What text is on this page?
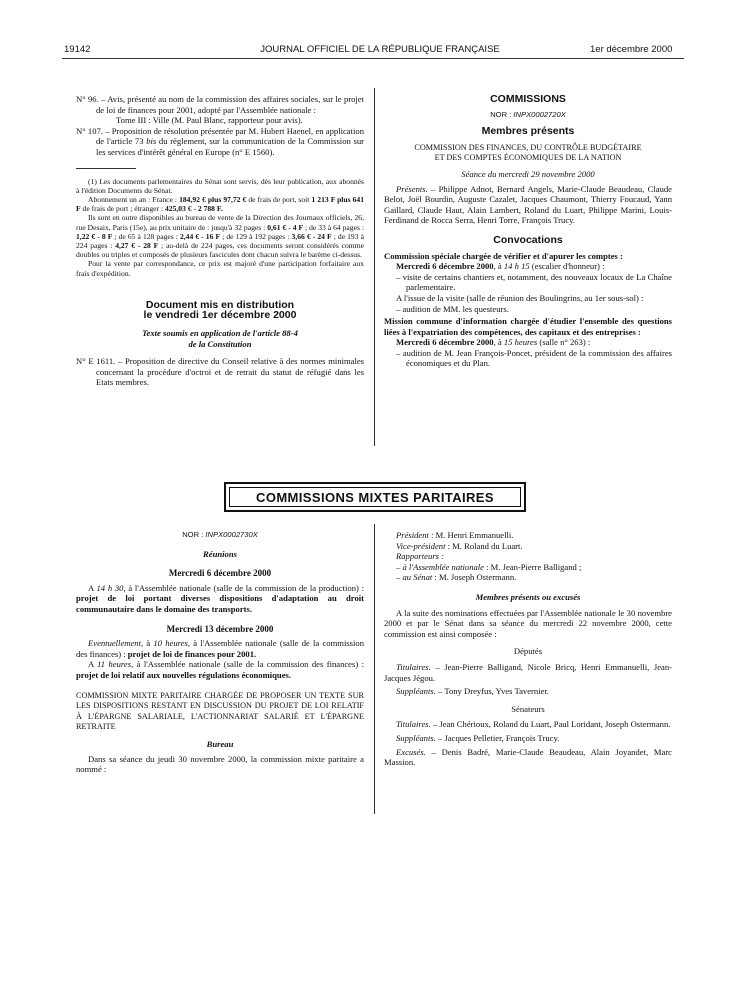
19142	JOURNAL OFFICIEL DE LA RÉPUBLIQUE FRANÇAISE	1er décembre 2000

N° 96. – Avis, présenté au nom de la commission des affaires sociales, sur le projet de loi de finances pour 2001, adopté par l'Assemblée nationale :

Tome III : Ville (M. Paul Blanc, rapporteur pour avis).

N° 107. – Proposition de résolution présentée par M. Hubert Haenel, en application de l'article 73 bis du règlement, sur la communication de la Commission sur les services d'intérêt général en Europe (n° E 1560).

(1) Les documents parlementaires du Sénat sont servis, dès leur publication, aux abonnés à l'édition Documents du Sénat.

Abonnement un an : France : 184,92 € plus 97,72 € de frais de port, soit 1 213 F plus 641 F de frais de port ; étranger : 425,03 € - 2 788 F.

Ils sont en outre disponibles au bureau de vente de la Direction des Journaux officiels, 26, rue Desaix, Paris (15e), au prix unitaire de : jusqu'à 32 pages : 0,61 € - 4 F ; de 33 à 64 pages : 1,22 € - 8 F ; de 65 à 128 pages : 2,44 € - 16 F ; de 129 à 192 pages : 3,66 € - 24 F ; de 193 à 224 pages : 4,27 € - 28 F ; au-delà de 224 pages, ces documents seront considérés comme doubles ou triples et composés de plusieurs fascicules dont chacun suivra le barème ci-dessus.

Pour la vente par correspondance, ce prix est majoré d'une participation forfaitaire aux frais d'expédition.

Document mis en distribution
le vendredi 1er décembre 2000

Texte soumis en application de l'article 88-4
de la Constitution

N° E 1611. – Proposition de directive du Conseil relative à des normes minimales concernant la procédure d'octroi et de retrait du statut de réfugié dans les Etats membres.

COMMISSIONS

NOR : INPX0002720X

Membres présents

COMMISSION DES FINANCES, DU CONTRÔLE BUDGÉTAIRE
ET DES COMPTES ÉCONOMIQUES DE LA NATION

Séance du mercredi 29 novembre 2000

Présents. – Philippe Adnot, Bernard Angels, Marie-Claude Beaudeau, Claude Belot, Joël Bourdin, Auguste Cazalet, Jacques Chaumont, Thierry Foucaud, Yann Gaillard, Claude Haut, Alain Lambert, Roland du Luart, Philippe Marini, Louis-Ferdinand de Rocca Serra, Henri Torre, François Trucy.

Convocations

Commission spéciale chargée de vérifier et d'apurer les comptes :

Mercredi 6 décembre 2000, à 14 h 15 (escalier d'honneur) :

– visite de certains chantiers et, notamment, des nouveaux locaux de La Chaîne parlementaire.

A l'issue de la visite (salle de réunion des Boulingrins, au 1er sous-sol) :

– audition de MM. les questeurs.

Mission commune d'information chargée d'étudier l'ensemble des questions liées à l'expatriation des compétences, des capitaux et des entreprises :

Mercredi 6 décembre 2000, à 15 heures (salle n° 263) :

– audition de M. Jean François-Poncet, président de la commission des affaires économiques et du Plan.

COMMISSIONS MIXTES PARITAIRES

NOR : INPX0002730X

Réunions

Mercredi 6 décembre 2000

A 14 h 30, à l'Assemblée nationale (salle de la commission de la production) : projet de loi portant diverses dispositions d'adaptation au droit communautaire dans le domaine des transports.

Mercredi 13 décembre 2000

Eventuellement, à 10 heures, à l'Assemblée nationale (salle de la commission des finances) : projet de loi de finances pour 2001.

A 11 heures, à l'Assemblée nationale (salle de la commission des finances) : projet de loi relatif aux nouvelles régulations économiques.

COMMISSION MIXTE PARITAIRE CHARGÉE DE PROPOSER UN TEXTE SUR LES DISPOSITIONS RESTANT EN DISCUSSION DU PROJET DE LOI RELATIF À L'ÉPARGNE SALARIALE, L'ACTIONNARIAT SALARIÉ ET L'ÉPARGNE RETRAITE

Bureau

Dans sa séance du jeudi 30 novembre 2000, la commission mixte paritaire a nommé :

Président : M. Henri Emmanuelli.

Vice-président : M. Roland du Luart.

Rapporteurs :

– à l'Assemblée nationale : M. Jean-Pierre Balligand ;

– au Sénat : M. Joseph Ostermann.

Membres présents ou excusés

A la suite des nominations effectuées par l'Assemblée nationale le 30 novembre 2000 et par le Sénat dans sa séance du mercredi 22 novembre 2000, cette commission est ainsi composée :

Députés

Titulaires. – Jean-Pierre Balligand, Nicole Bricq, Henri Emmanuelli, Jean-Jacques Jégou.

Suppléants. – Tony Dreyfus, Yves Tavernier.

Sénateurs

Titulaires. – Jean Chérioux, Roland du Luart, Paul Loridant, Joseph Ostermann.

Suppléants. – Jacques Pelletier, François Trucy.

Excusés. – Denis Badré, Marie-Claude Beaudeau, Alain Joyandet, Marc Massion.
